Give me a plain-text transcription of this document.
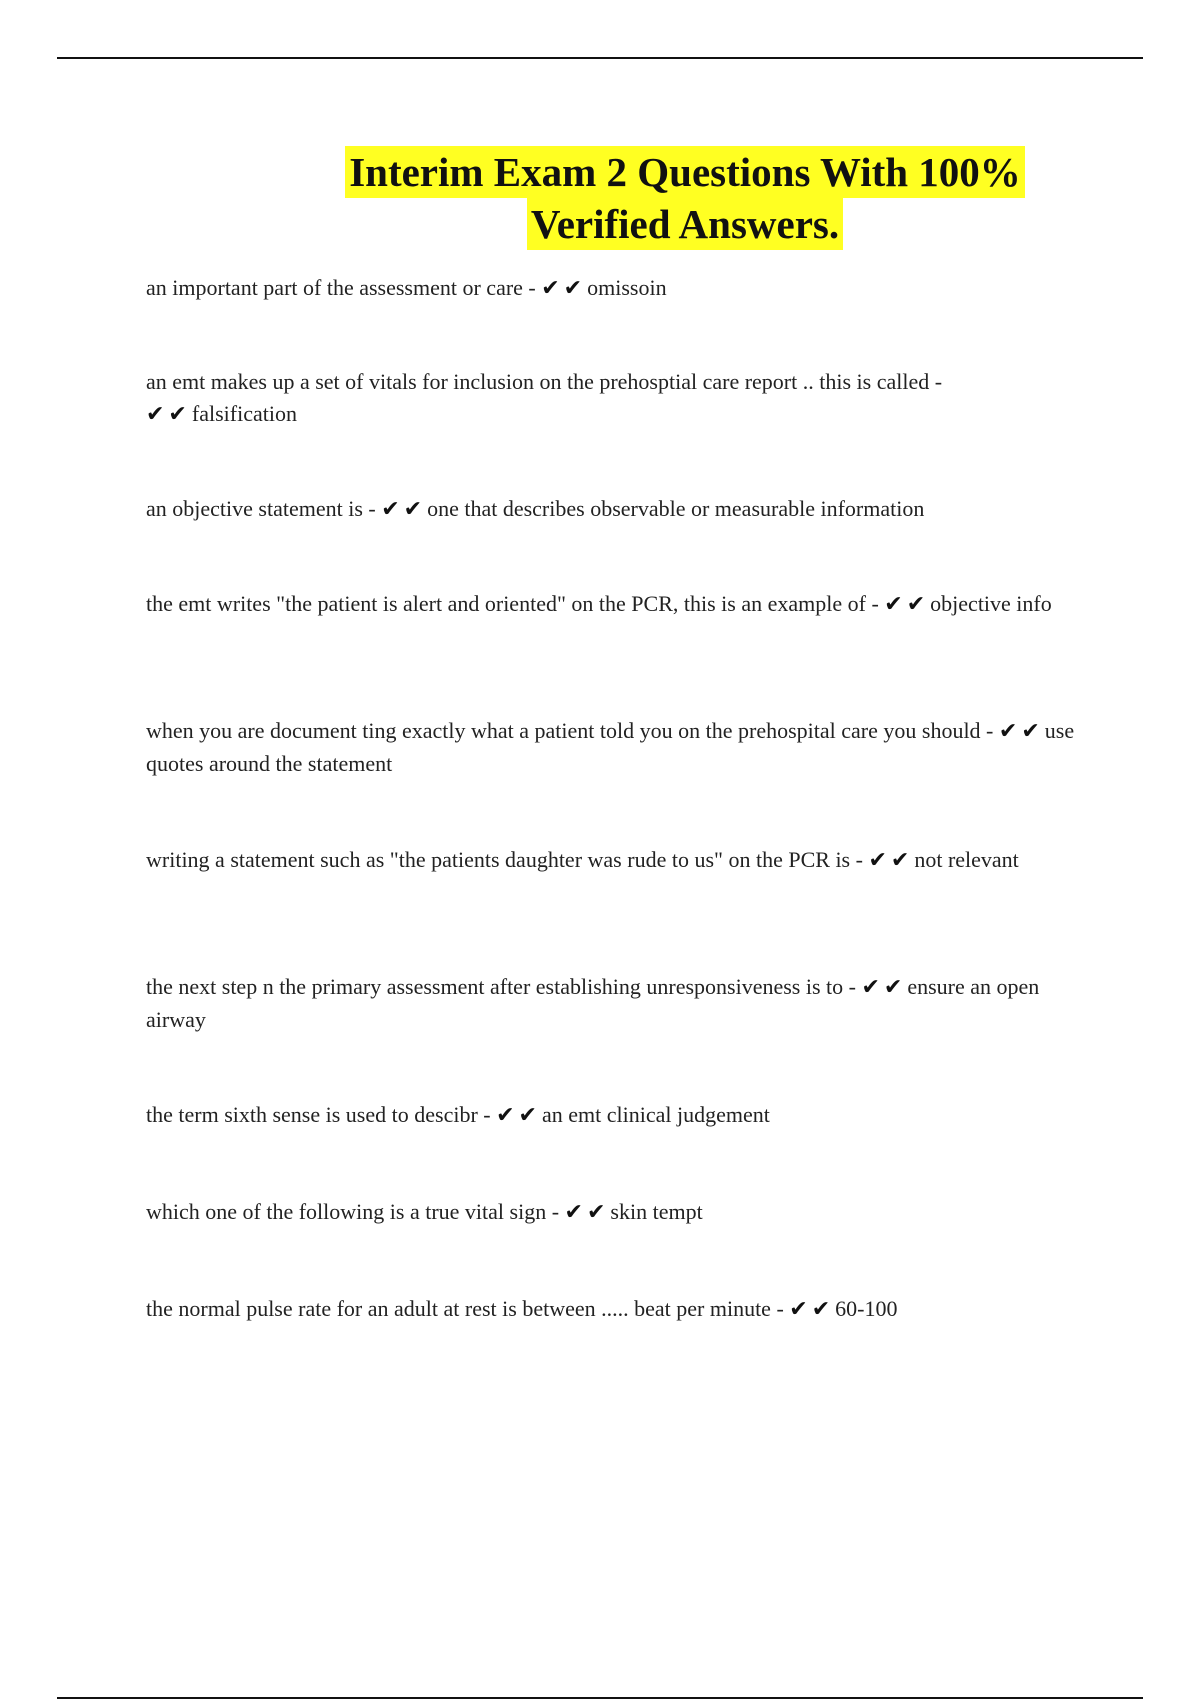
Interim Exam 2 Questions With 100%
Verified Answers.
an important part of the assessment or care - ✔✔omissoin
an emt makes up a set of vitals for inclusion on the prehosptial care report .. this is called - ✔✔falsification
an objective statement is - ✔✔one that describes observable or measurable information
the emt writes "the patient is alert and oriented" on the PCR, this is an example of - ✔✔objective info
when you are document ting exactly what a patient told you on the prehospital care you should - ✔✔use quotes around the statement
writing a statement such as "the patients daughter was rude to us" on the PCR is - ✔✔not relevant
the next step n the primary assessment after establishing unresponsiveness is to - ✔✔ensure an open airway
the term sixth sense is used to descibr - ✔✔an emt clinical judgement
which one of the following is a true vital sign - ✔✔skin tempt
the normal pulse rate for an adult at rest is between ..... beat per minute - ✔✔60-100
